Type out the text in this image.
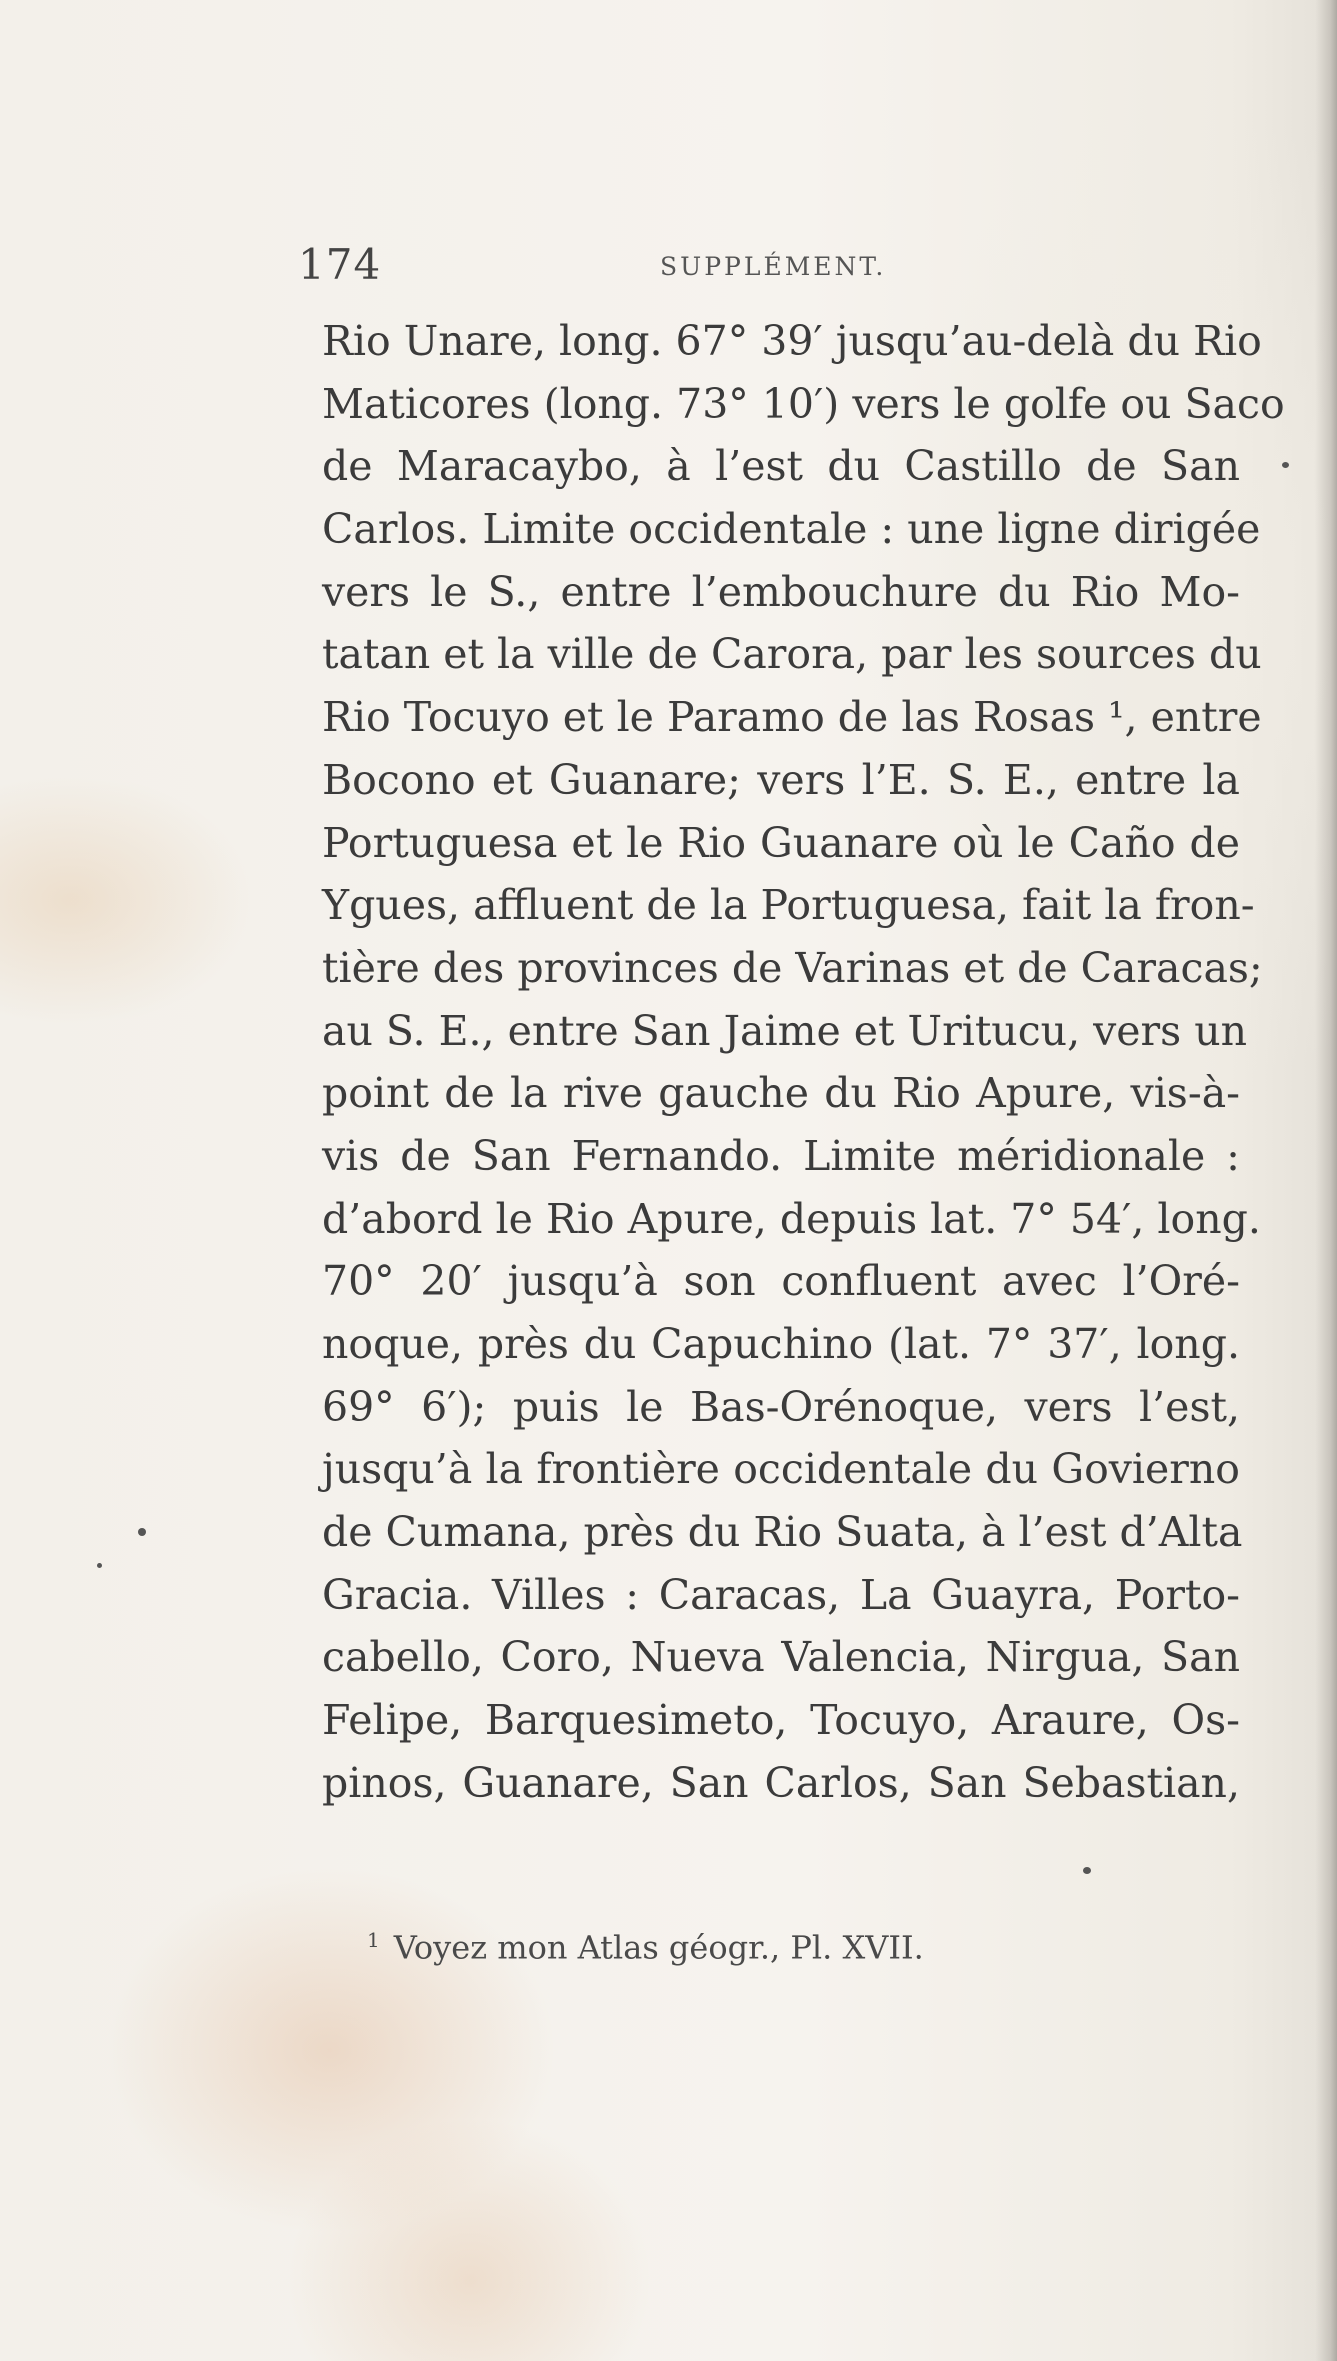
174	SUPPLÉMENT.
Rio Unare, long. 67° 39′ jusqu’au-delà du Rio
Maticores (long. 73° 10′) vers le golfe ou Saco
de Maracaybo, à l’est du Castillo de San
Carlos. Limite occidentale : une ligne dirigée
vers le S., entre l’embouchure du Rio Mo-
tatan et la ville de Carora, par les sources du
Rio Tocuyo et le Paramo de las Rosas ¹, entre
Bocono et Guanare; vers l’E. S. E., entre la
Portuguesa et le Rio Guanare où le Caño de
Ygues, affluent de la Portuguesa, fait la fron-
tière des provinces de Varinas et de Caracas;
au S. E., entre San Jaime et Uritucu, vers un
point de la rive gauche du Rio Apure, vis-à-
vis de San Fernando. Limite méridionale :
d’abord le Rio Apure, depuis lat. 7° 54′, long.
70° 20′ jusqu’à son confluent avec l’Oré-
noque, près du Capuchino (lat. 7° 37′, long.
69° 6′); puis le Bas-Orénoque, vers l’est,
jusqu’à la frontière occidentale du Govierno
de Cumana, près du Rio Suata, à l’est d’Alta
Gracia. Villes : Caracas, La Guayra, Porto-
cabello, Coro, Nueva Valencia, Nirgua, San
Felipe, Barquesimeto, Tocuyo, Araure, Os-
pinos, Guanare, San Carlos, San Sebastian,
$^1$ Voyez mon Atlas géogr., Pl. XVII.
